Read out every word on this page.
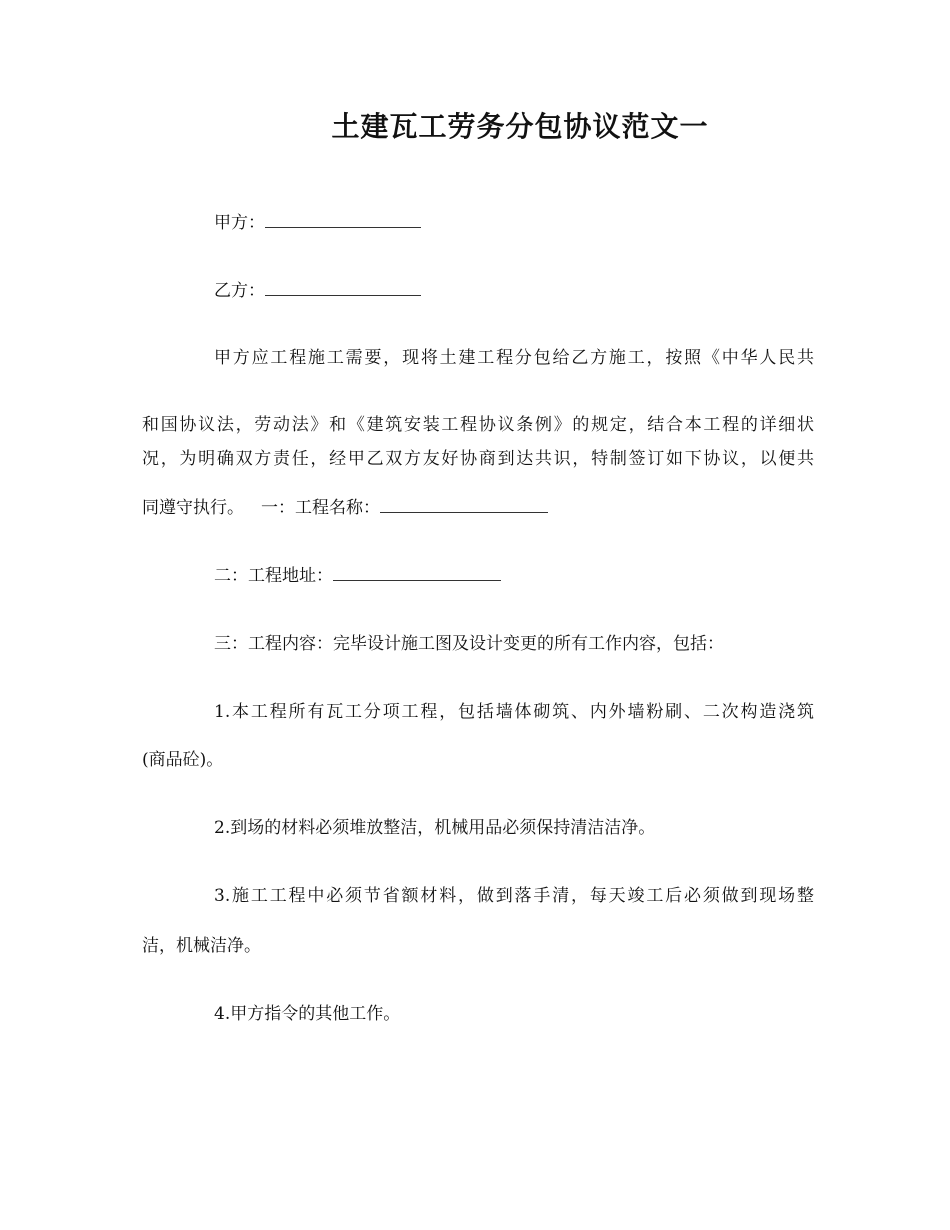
土建瓦工劳务分包协议范文一
甲方：
乙方：
甲方应工程施工需要，现将土建工程分包给乙方施工，按照《中华人民共
和国协议法，劳动法》和《建筑安装工程协议条例》的规定，结合本工程的详细状
况，为明确双方责任，经甲乙双方友好协商到达共识，特制签订如下协议，以便共
同遵守执行。  一：工程名称：
二：工程地址：
三：工程内容：完毕设计施工图及设计变更的所有工作内容，包括：
1.本工程所有瓦工分项工程，包括墙体砌筑、内外墙粉刷、二次构造浇筑
(商品砼)。
2.到场的材料必须堆放整洁，机械用品必须保持清洁洁净。
3.施工工程中必须节省额材料，做到落手清，每天竣工后必须做到现场整
洁，机械洁净。
4.甲方指令的其他工作。
